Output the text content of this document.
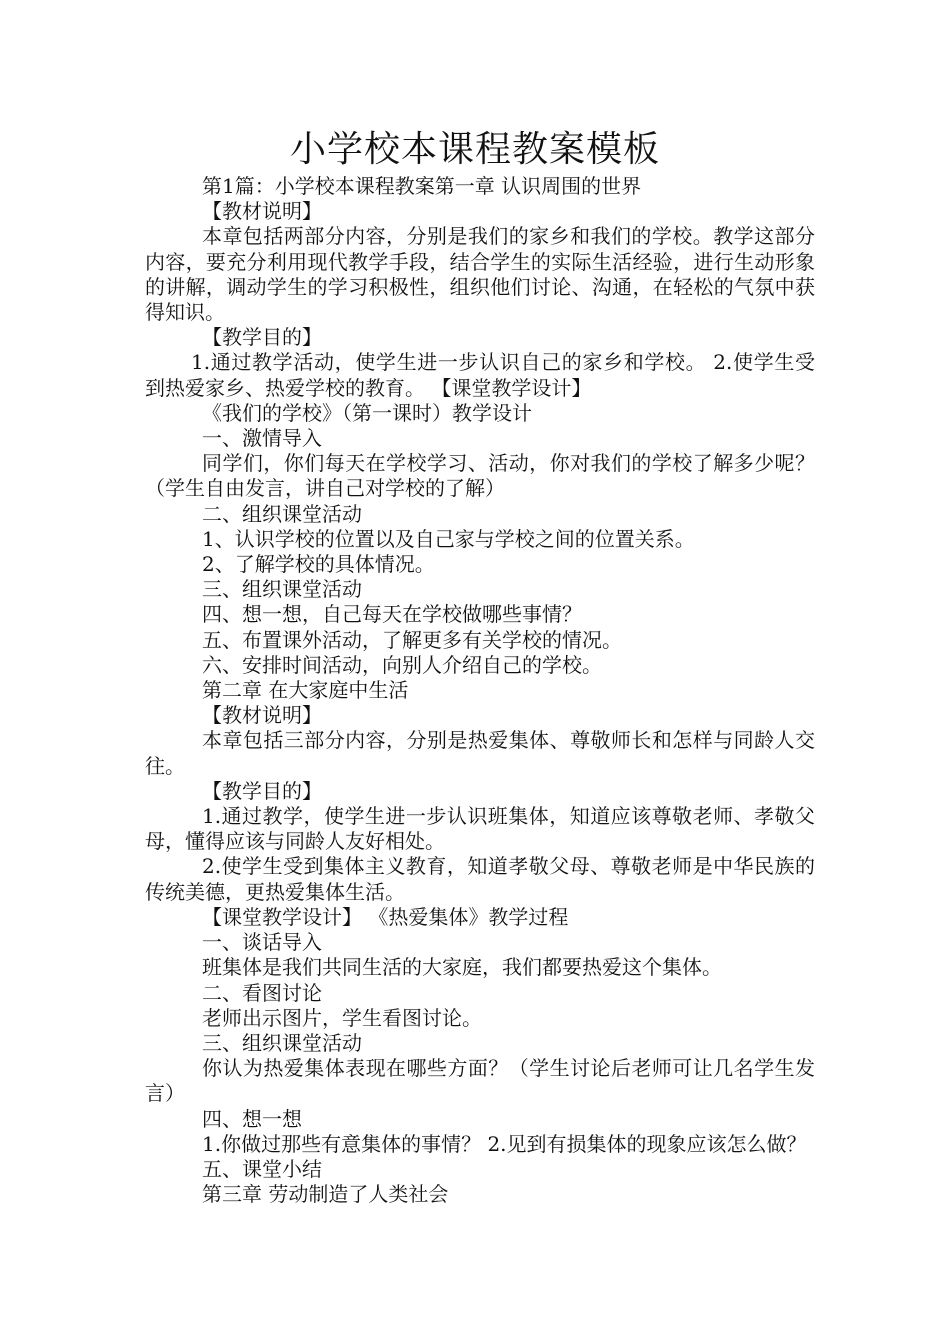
小学校本课程教案模板

第1篇：小学校本课程教案第一章 认识周围的世界

【教材说明】

本章包括两部分内容，分别是我们的家乡和我们的学校。教学这部分内容，要充分利用现代教学手段，结合学生的实际生活经验，进行生动形象的讲解，调动学生的学习积极性，组织他们讨论、沟通，在轻松的气氛中获得知识。

【教学目的】

1.通过教学活动，使学生进一步认识自己的家乡和学校。 2.使学生受到热爱家乡、热爱学校的教育。 【课堂教学设计】

《我们的学校》（第一课时）教学设计

一、激情导入

同学们，你们每天在学校学习、活动，你对我们的学校了解多少呢？（学生自由发言，讲自己对学校的了解）

二、组织课堂活动

1、认识学校的位置以及自己家与学校之间的位置关系。

2、了解学校的具体情况。

三、组织课堂活动

四、想一想，自己每天在学校做哪些事情？

五、布置课外活动，了解更多有关学校的情况。

六、安排时间活动，向别人介绍自己的学校。

第二章 在大家庭中生活

【教材说明】

本章包括三部分内容，分别是热爱集体、尊敬师长和怎样与同龄人交往。

【教学目的】

1.通过教学，使学生进一步认识班集体，知道应该尊敬老师、孝敬父母，懂得应该与同龄人友好相处。

2.使学生受到集体主义教育，知道孝敬父母、尊敬老师是中华民族的传统美德，更热爱集体生活。

【课堂教学设计】 《热爱集体》教学过程

一、谈话导入

班集体是我们共同生活的大家庭，我们都要热爱这个集体。

二、看图讨论

老师出示图片，学生看图讨论。

三、组织课堂活动

你认为热爱集体表现在哪些方面？（学生讨论后老师可让几名学生发言）

四、想一想

1.你做过那些有意集体的事情？ 2.见到有损集体的现象应该怎么做？

五、课堂小结

第三章 劳动制造了人类社会
